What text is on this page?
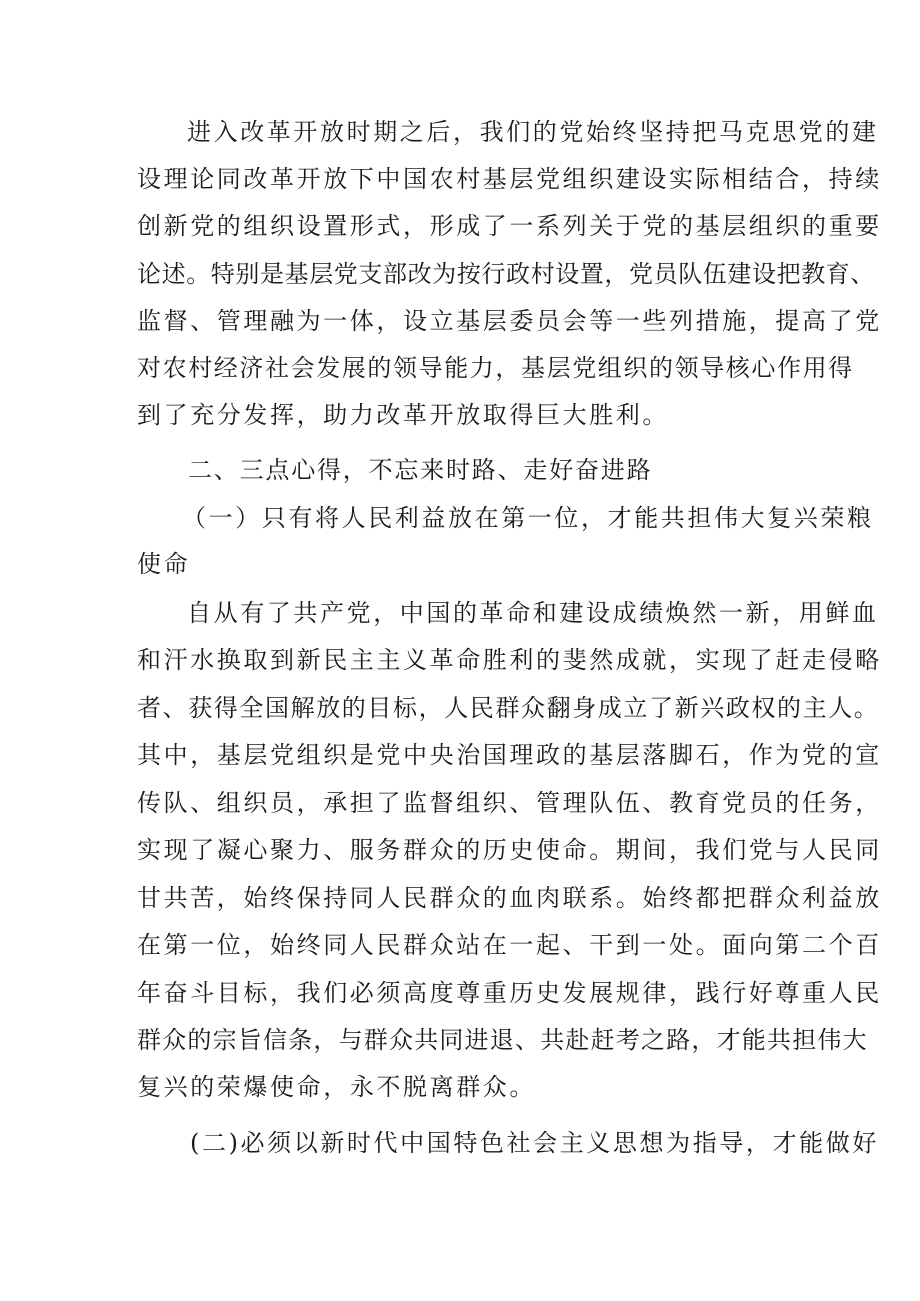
进入改革开放时期之后，我们的党始终坚持把马克思党的建
设理论同改革开放下中国农村基层党组织建设实际相结合，持续
创新党的组织设置形式，形成了一系列关于党的基层组织的重要
论述。特别是基层党支部改为按行政村设置，党员队伍建设把教育、
监督、管理融为一体，设立基层委员会等一些列措施，提高了党
对农村经济社会发展的领导能力，基层党组织的领导核心作用得
到了充分发挥，助力改革开放取得巨大胜利。
二、三点心得，不忘来时路、走好奋进路
（一）只有将人民利益放在第一位，才能共担伟大复兴荣粮
使命
自从有了共产党，中国的革命和建设成绩焕然一新，用鲜血
和汗水换取到新民主主义革命胜利的斐然成就，实现了赶走侵略
者、获得全国解放的目标，人民群众翻身成立了新兴政权的主人。
其中，基层党组织是党中央治国理政的基层落脚石，作为党的宣
传队、组织员，承担了监督组织、管理队伍、教育党员的任务，
实现了凝心聚力、服务群众的历史使命。期间，我们党与人民同
甘共苦，始终保持同人民群众的血肉联系。始终都把群众利益放
在第一位，始终同人民群众站在一起、干到一处。面向第二个百
年奋斗目标，我们必须高度尊重历史发展规律，践行好尊重人民
群众的宗旨信条，与群众共同进退、共赴赶考之路，才能共担伟大
复兴的荣爆使命，永不脱离群众。
(二)必须以新时代中国特色社会主义思想为指导，才能做好
